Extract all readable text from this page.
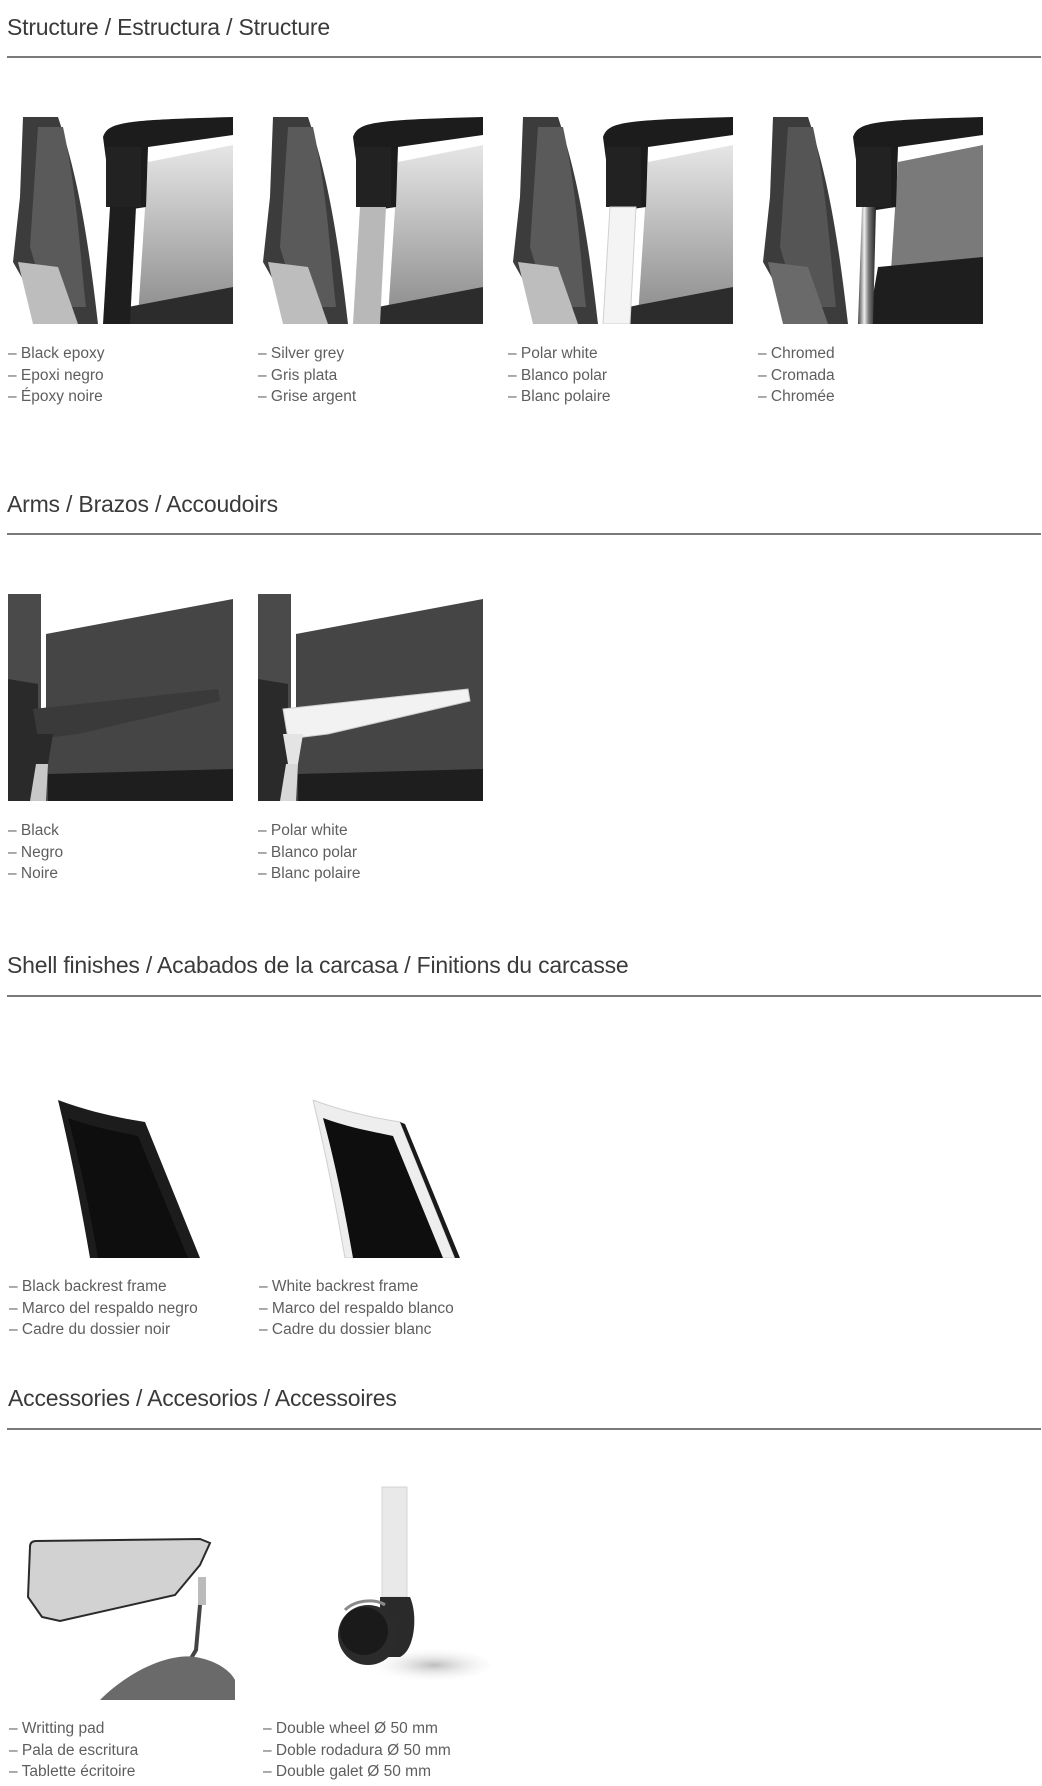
Structure / Estructura / Structure
– Black epoxy
– Epoxi negro
– Époxy noire
– Silver grey
– Gris plata
– Grise argent
– Polar white
– Blanco polar
– Blanc polaire
– Chromed
– Cromada
– Chromée
Arms / Brazos / Accoudoirs
– Black
– Negro
– Noire
– Polar white
– Blanco polar
– Blanc polaire
Shell finishes / Acabados de la carcasa / Finitions du carcasse
– Black backrest frame
– Marco del respaldo negro
– Cadre du dossier noir
– White backrest frame
– Marco del respaldo blanco
– Cadre du dossier blanc
Accessories / Accesorios / Accessoires
– Writting pad
– Pala de escritura
– Tablette écritoire
– Double wheel Ø 50 mm
– Doble rodadura Ø 50 mm
– Double galet Ø 50 mm
